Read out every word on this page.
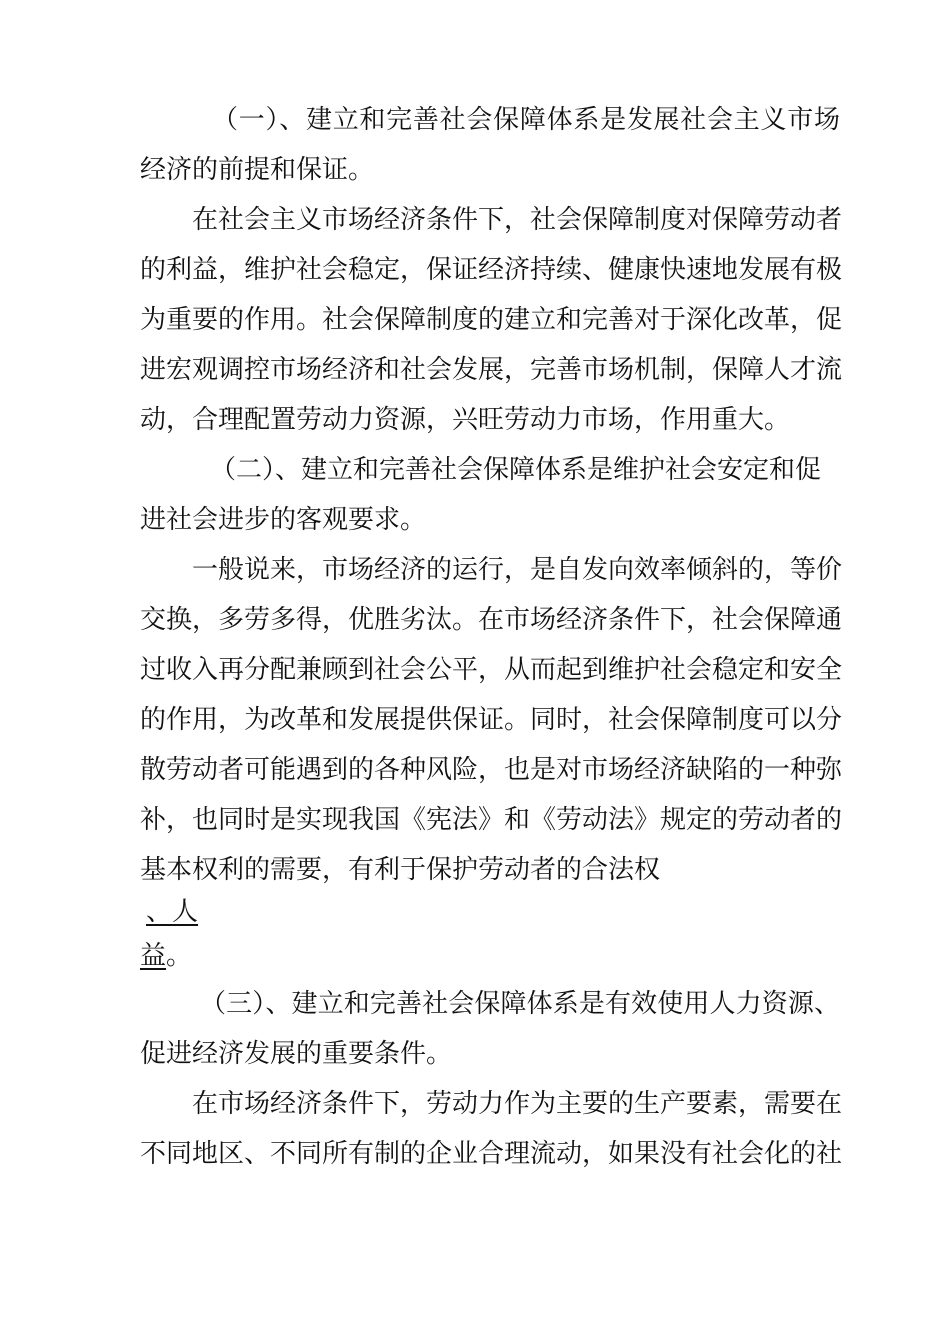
（一）、建立和完善社会保障体系是发展社会主义市场
经济的前提和保证。
在社会主义市场经济条件下，社会保障制度对保障劳动者
的利益，维护社会稳定，保证经济持续、健康快速地发展有极
为重要的作用。社会保障制度的建立和完善对于深化改革，促
进宏观调控市场经济和社会发展，完善市场机制，保障人才流
动，合理配置劳动力资源，兴旺劳动力市场，作用重大。
（二）、建立和完善社会保障体系是维护社会安定和促
进社会进步的客观要求。
一般说来，市场经济的运行，是自发向效率倾斜的，等价
交换，多劳多得，优胜劣汰。在市场经济条件下，社会保障通
过收入再分配兼顾到社会公平，从而起到维护社会稳定和安全
的作用，为改革和发展提供保证。同时，社会保障制度可以分
散劳动者可能遇到的各种风险，也是对市场经济缺陷的一种弥
补，也同时是实现我国《宪法》和《劳动法》规定的劳动者的
基本权利的需要，有利于保护劳动者的合法权
、人
益。
（三）、建立和完善社会保障体系是有效使用人力资源、
促进经济发展的重要条件。
在市场经济条件下，劳动力作为主要的生产要素，需要在
不同地区、不同所有制的企业合理流动，如果没有社会化的社
